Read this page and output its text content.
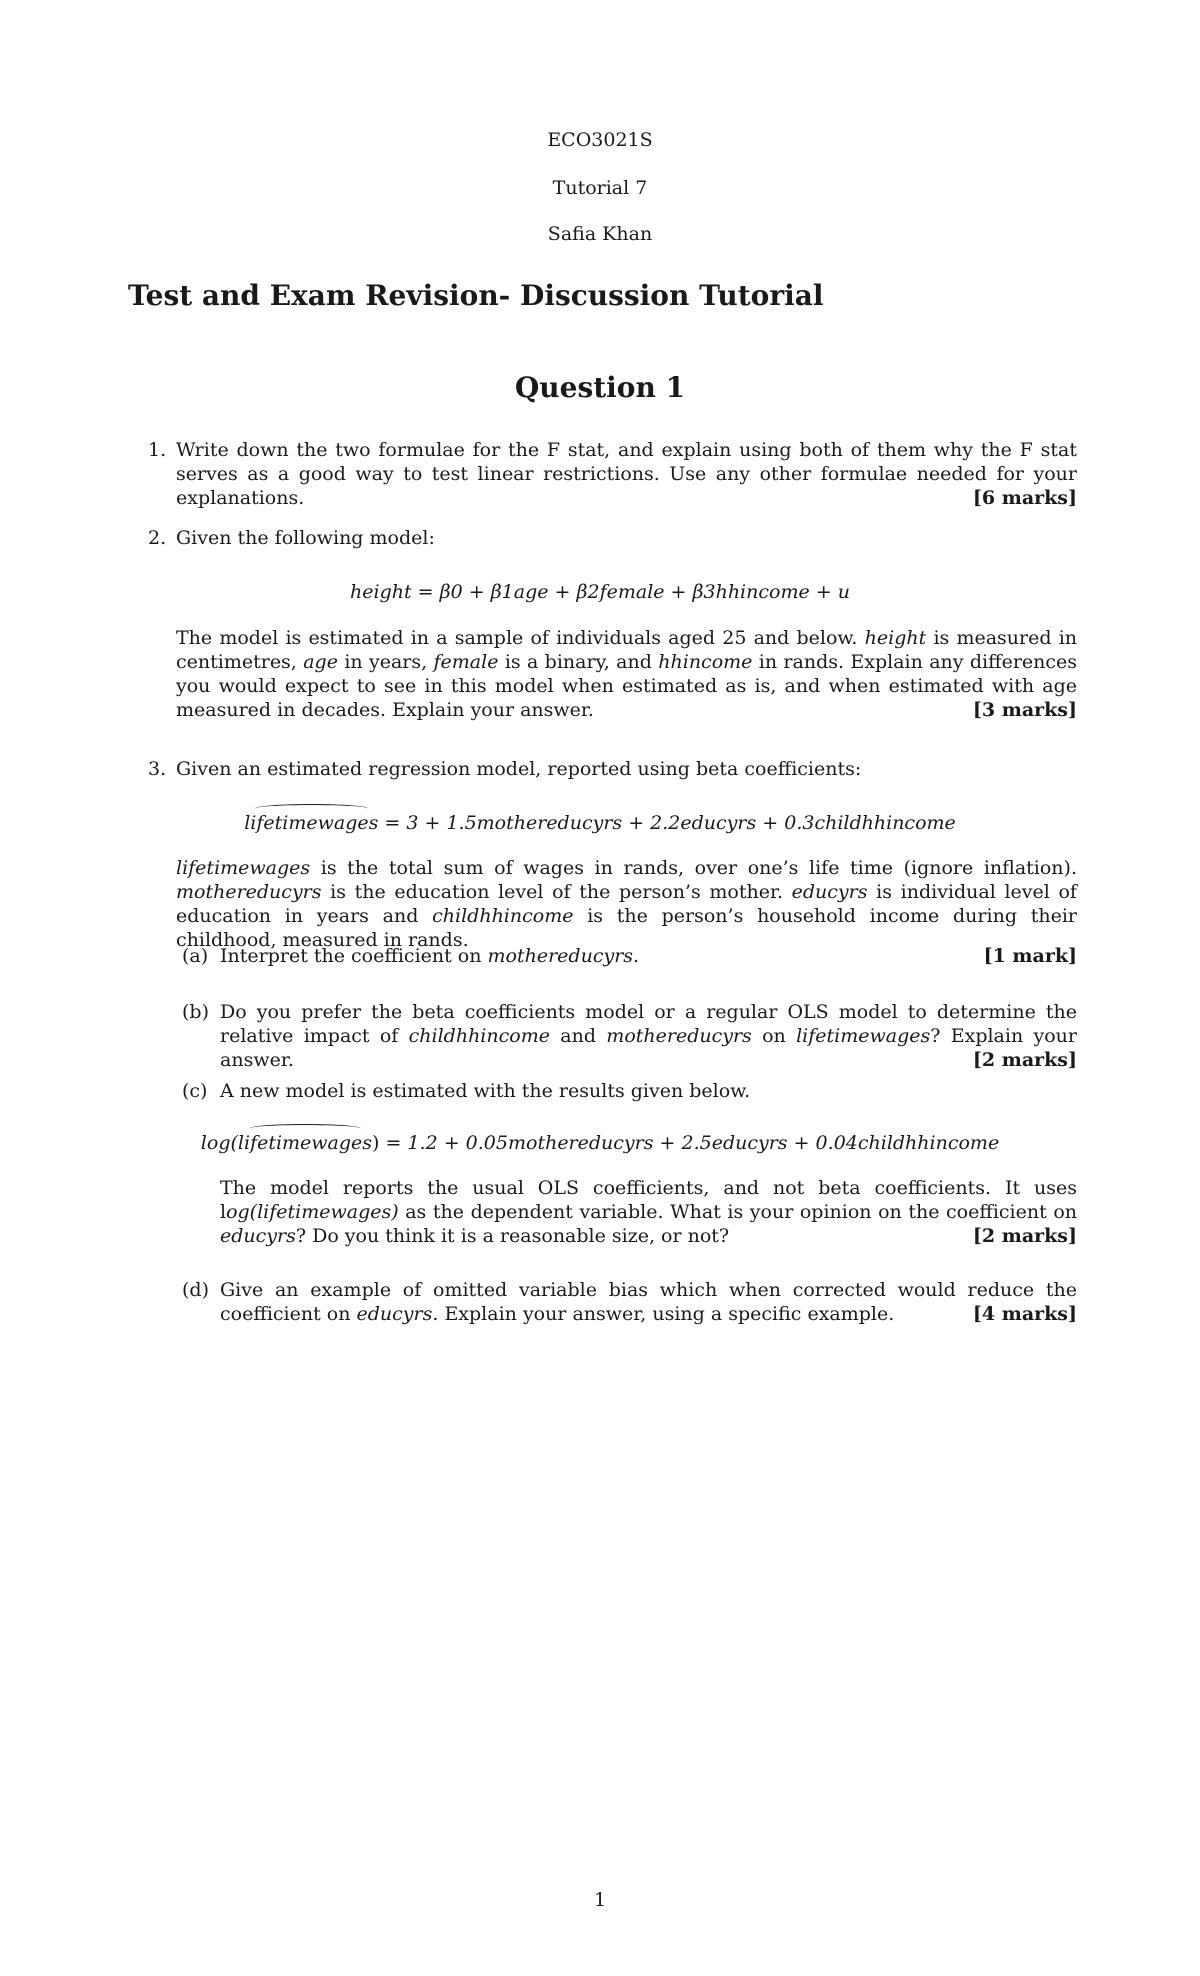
ECO3021S
Tutorial 7
Safia Khan
Test and Exam Revision- Discussion Tutorial
Question 1
1. Write down the two formulae for the F stat, and explain using both of them why the F stat serves as a good way to test linear restrictions. Use any other formulae needed for your explanations.	[6 marks]
2. Given the following model:
height = β0 + β1age + β2female + β3hhincome + u
The model is estimated in a sample of individuals aged 25 and below. height is measured in centimetres, age in years, female is a binary, and hhincome in rands. Explain any differences you would expect to see in this model when estimated as is, and when estimated with age measured in decades. Explain your answer.	[3 marks]
3. Given an estimated regression model, reported using beta coefficients:
lifetimewages = 3 + 1.5mothereducyrs + 2.2educyrs + 0.3childhhincome
lifetimewages is the total sum of wages in rands, over one’s life time (ignore inflation). mothereducyrs is the education level of the person’s mother. educyrs is individual level of education in years and childhhincome is the person’s household income during their childhood, measured in rands.
(a)	[1 mark]
Interpret the coefficient on mothereducyrs.
(b) Do you prefer the beta coefficients model or a regular OLS model to determine the relative impact of childhhincome and mothereducyrs on lifetimewages? Explain your answer.	[2 marks]
(c) A new model is estimated with the results given below.
log(lifetimewages) = 1.2 + 0.05mothereducyrs + 2.5educyrs + 0.04childhhincome
The model reports the usual OLS coefficients, and not beta coefficients. It uses log(lifetimewages) as the dependent variable. What is your opinion on the coefficient on educyrs? Do you think it is a reasonable size, or not?	[2 marks]
(d) Give an example of omitted variable bias which when corrected would reduce the coefficient on educyrs. Explain your answer, using a specific example.	[4 marks]
1
